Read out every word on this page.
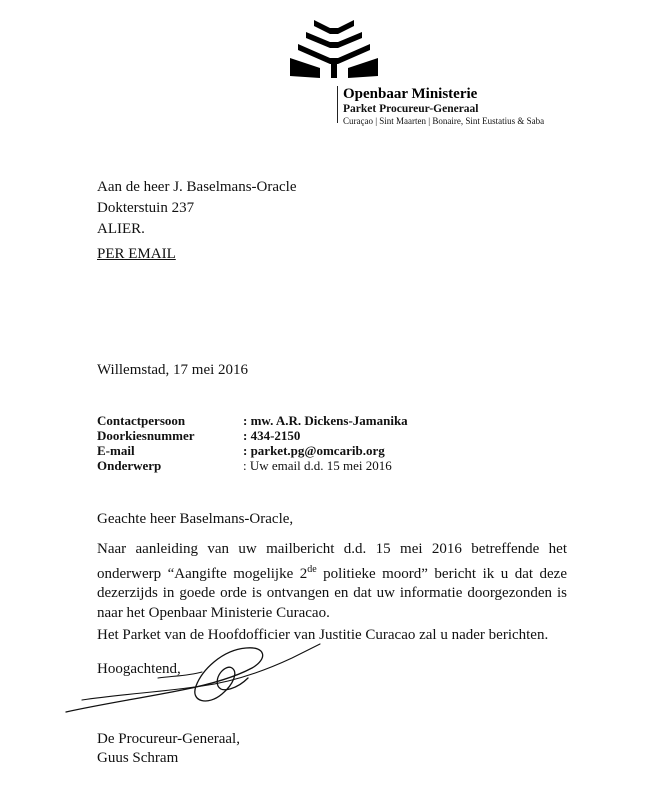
Openbaar Ministerie
Parket Procureur-Generaal
Curaçao | Sint Maarten | Bonaire, Sint Eustatius & Saba
Aan de heer J. Baselmans-Oracle
Dokterstuin 237
ALIER.
PER EMAIL
Willemstad, 17 mei 2016
Contactpersoon	: mw. A.R. Dickens-Jamanika
Doorkiesnummer	: 434-2150
E-mail	: parket.pg@omcarib.org
Onderwerp	: Uw email d.d. 15 mei 2016

Geachte heer Baselmans-Oracle,

Naar aanleiding van uw mailbericht d.d. 15 mei 2016 betreffende het
onderwerp “Aangifte mogelijke 2de politieke moord” bericht ik u dat deze
dezerzijds in goede orde is ontvangen en dat uw informatie doorgezonden is
naar het Openbaar Ministerie Curacao.

Het Parket van de Hoofdofficier van Justitie Curacao zal u nader berichten.

Hoogachtend,

De Procureur-Generaal,
Guus Schram
